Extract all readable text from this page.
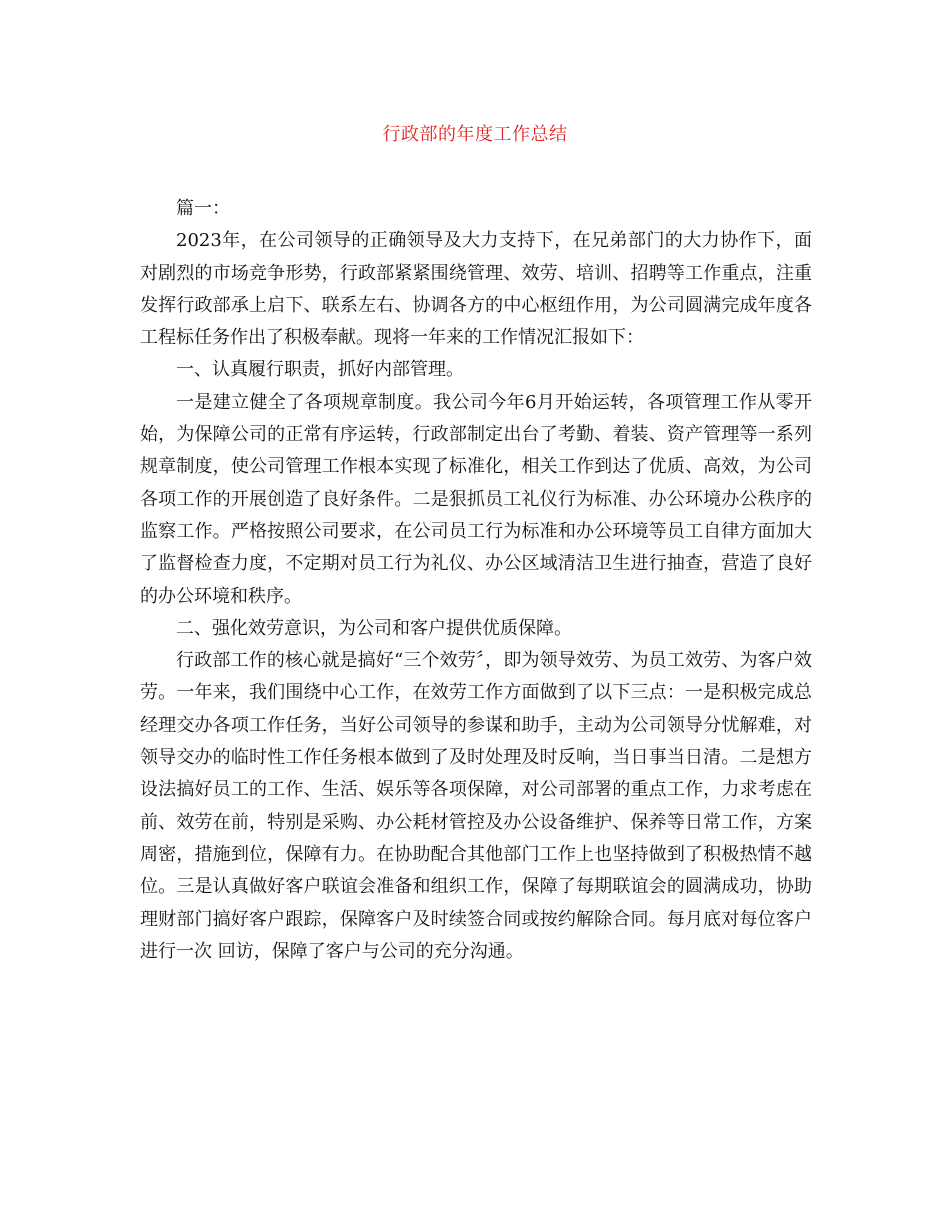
行政部的年度工作总结

篇一：

2023年，在公司领导的正确领导及大力支持下，在兄弟部门的大力协作下，面对剧烈的市场竞争形势，行政部紧紧围绕管理、效劳、培训、招聘等工作重点，注重发挥行政部承上启下、联系左右、协调各方的中心枢纽作用，为公司圆满完成年度各工程标任务作出了积极奉献。现将一年来的工作情况汇报如下：

一、认真履行职责，抓好内部管理。

一是建立健全了各项规章制度。我公司今年6月开始运转，各项管理工作从零开始，为保障公司的正常有序运转，行政部制定出台了考勤、着装、资产管理等一系列规章制度，使公司管理工作根本实现了标准化，相关工作到达了优质、高效，为公司各项工作的开展创造了良好条件。二是狠抓员工礼仪行为标准、办公环境办公秩序的监察工作。严格按照公司要求，在公司员工行为标准和办公环境等员工自律方面加大了监督检查力度，不定期对员工行为礼仪、办公区域清洁卫生进行抽查，营造了良好的办公环境和秩序。

二、强化效劳意识，为公司和客户提供优质保障。

行政部工作的核心就是搞好“三个效劳〞，即为领导效劳、为员工效劳、为客户效劳。一年来，我们围绕中心工作，在效劳工作方面做到了以下三点：一是积极完成总经理交办各项工作任务，当好公司领导的参谋和助手，主动为公司领导分忧解难，对领导交办的临时性工作任务根本做到了及时处理及时反响，当日事当日清。二是想方设法搞好员工的工作、生活、娱乐等各项保障，对公司部署的重点工作，力求考虑在前、效劳在前，特别是采购、办公耗材管控及办公设备维护、保养等日常工作，方案周密，措施到位，保障有力。在协助配合其他部门工作上也坚持做到了积极热情不越位。三是认真做好客户联谊会准备和组织工作，保障了每期联谊会的圆满成功，协助理财部门搞好客户跟踪，保障客户及时续签合同或按约解除合同。每月底对每位客户进行一次 回访，保障了客户与公司的充分沟通。
